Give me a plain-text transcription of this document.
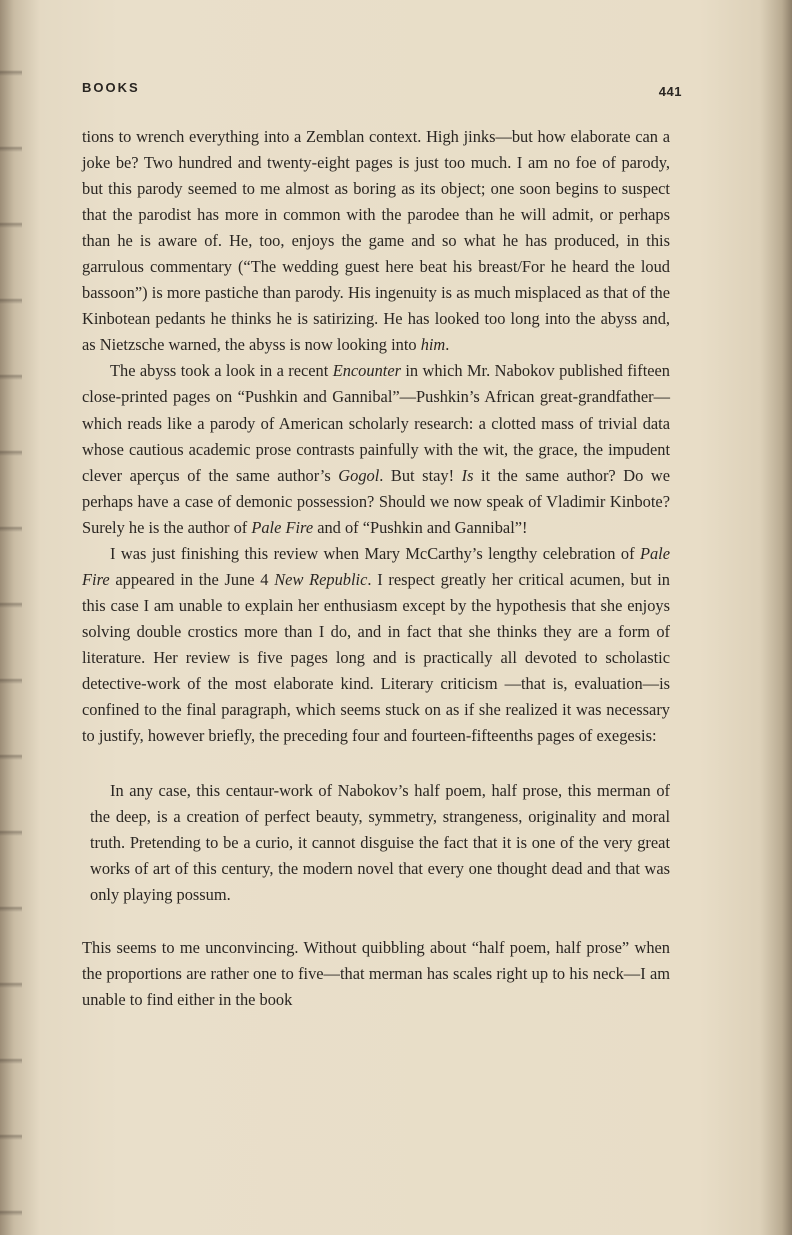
BOOKS	441

tions to wrench everything into a Zemblan context. High jinks—but how elaborate can a joke be? Two hundred and twenty-eight pages is just too much. I am no foe of parody, but this parody seemed to me almost as boring as its object; one soon begins to suspect that the parodist has more in common with the parodee than he will admit, or perhaps than he is aware of. He, too, enjoys the game and so what he has produced, in this garrulous commentary (“The wedding guest here beat his breast/For he heard the loud bassoon”) is more pastiche than parody. His ingenuity is as much misplaced as that of the Kinbotean pedants he thinks he is satirizing. He has looked too long into the abyss and, as Nietzsche warned, the abyss is now looking into him.

The abyss took a look in a recent Encounter in which Mr. Nabokov published fifteen close-printed pages on “Pushkin and Gannibal”—Pushkin’s African great-grandfather—which reads like a parody of American scholarly research: a clotted mass of trivial data whose cautious academic prose contrasts painfully with the wit, the grace, the impudent clever aperçus of the same author’s Gogol. But stay! Is it the same author? Do we perhaps have a case of demonic possession? Should we now speak of Vladimir Kinbote? Surely he is the author of Pale Fire and of “Pushkin and Gannibal”!

I was just finishing this review when Mary McCarthy’s lengthy celebration of Pale Fire appeared in the June 4 New Republic. I respect greatly her critical acumen, but in this case I am unable to explain her enthusiasm except by the hypothesis that she enjoys solving double crostics more than I do, and in fact that she thinks they are a form of literature. Her review is five pages long and is practically all devoted to scholastic detective-work of the most elaborate kind. Literary criticism —that is, evaluation—is confined to the final paragraph, which seems stuck on as if she realized it was necessary to justify, however briefly, the preceding four and fourteen-fifteenths pages of exegesis:

In any case, this centaur-work of Nabokov’s half poem, half prose, this merman of the deep, is a creation of perfect beauty, symmetry, strangeness, originality and moral truth. Pretending to be a curio, it cannot disguise the fact that it is one of the very great works of art of this century, the modern novel that every one thought dead and that was only playing possum.

This seems to me unconvincing. Without quibbling about “half poem, half prose” when the proportions are rather one to five—that merman has scales right up to his neck—I am unable to find either in the book
